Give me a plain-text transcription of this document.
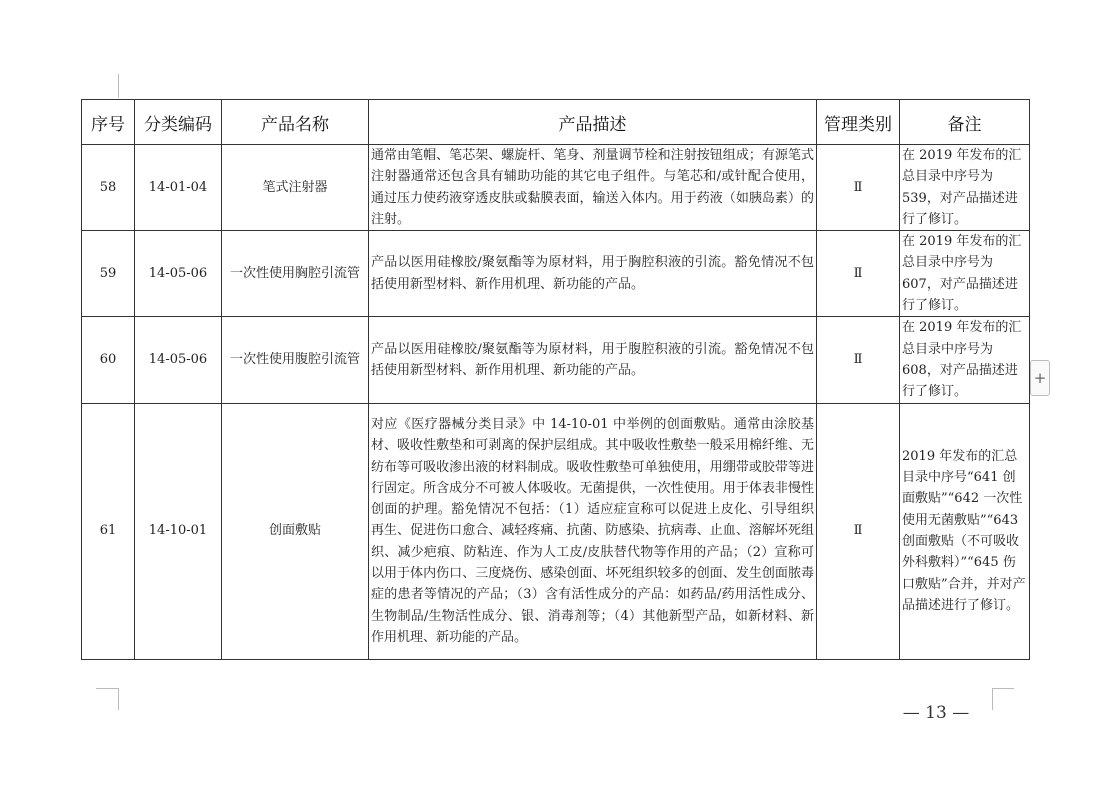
序号	分类编码	产品名称	产品描述	管理类别	备注
58	14-01-04	笔式注射器	通常由笔帽、笔芯架、螺旋杆、笔身、剂量调节栓和注射按钮组成；有源笔式注射器通常还包含具有辅助功能的其它电子组件。与笔芯和/或针配合使用，通过压力使药液穿透皮肤或黏膜表面，输送入体内。用于药液（如胰岛素）的注射。	Ⅱ	在 2019 年发布的汇总目录中序号为 539，对产品描述进行了修订。
59	14-05-06	一次性使用胸腔引流管	产品以医用硅橡胶/聚氨酯等为原材料，用于胸腔积液的引流。豁免情况不包括使用新型材料、新作用机理、新功能的产品。	Ⅱ	在 2019 年发布的汇总目录中序号为 607，对产品描述进行了修订。
60	14-05-06	一次性使用腹腔引流管	产品以医用硅橡胶/聚氨酯等为原材料，用于腹腔积液的引流。豁免情况不包括使用新型材料、新作用机理、新功能的产品。	Ⅱ	在 2019 年发布的汇总目录中序号为 608，对产品描述进行了修订。
61	14-10-01	创面敷贴	对应《医疗器械分类目录》中 14-10-01 中举例的创面敷贴。通常由涂胶基材、吸收性敷垫和可剥离的保护层组成。其中吸收性敷垫一般采用棉纤维、无纺布等可吸收渗出液的材料制成。吸收性敷垫可单独使用，用绷带或胶带等进行固定。所含成分不可被人体吸收。无菌提供，一次性使用。用于体表非慢性创面的护理。豁免情况不包括：（1）适应症宣称可以促进上皮化、引导组织再生、促进伤口愈合、减轻疼痛、抗菌、防感染、抗病毒、止血、溶解坏死组织、减少疤痕、防粘连、作为人工皮/皮肤替代物等作用的产品；（2）宣称可以用于体内伤口、三度烧伤、感染创面、坏死组织较多的创面、发生创面脓毒症的患者等情况的产品；（3）含有活性成分的产品：如药品/药用活性成分、生物制品/生物活性成分、银、消毒剂等；（4）其他新型产品，如新材料、新作用机理、新功能的产品。	Ⅱ	2019 年发布的汇总目录中序号“641 创面敷贴”“642 一次性使用无菌敷贴”“643 创面敷贴（不可吸收外科敷料）”“645 伤口敷贴”合并，并对产品描述进行了修订。
+
— 13 —
